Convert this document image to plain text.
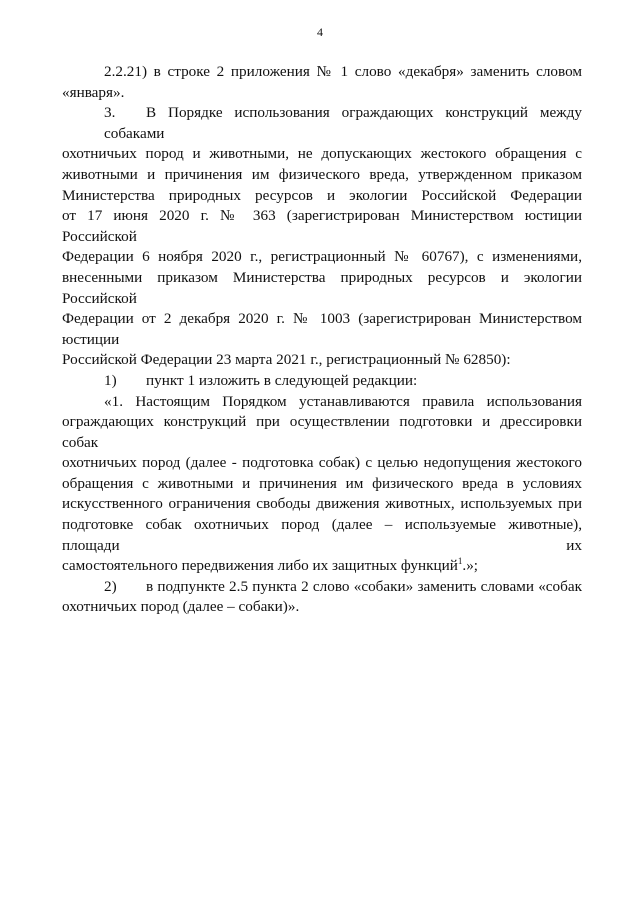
4
2.2.21) в строке 2 приложения № 1 слово «декабря» заменить словом
«января».
3. В Порядке использования ограждающих конструкций между собаками
охотничьих пород и животными, не допускающих жестокого обращения с
животными и причинения им физического вреда, утвержденном приказом
Министерства природных ресурсов и экологии Российской Федерации
от 17 июня 2020 г. № 363 (зарегистрирован Министерством юстиции Российской
Федерации 6 ноября 2020 г., регистрационный № 60767), с изменениями,
внесенными приказом Министерства природных ресурсов и экологии Российской
Федерации от 2 декабря 2020 г. № 1003 (зарегистрирован Министерством юстиции
Российской Федерации 23 марта 2021 г., регистрационный № 62850):
1) пункт 1 изложить в следующей редакции:
«1. Настоящим Порядком устанавливаются правила использования
ограждающих конструкций при осуществлении подготовки и дрессировки собак
охотничьих пород (далее - подготовка собак) с целью недопущения жестокого
обращения с животными и причинения им физического вреда в условиях
искусственного ограничения свободы движения животных, используемых при
подготовке собак охотничьих пород (далее – используемые животные), площади их
самостоятельного передвижения либо их защитных функций$^1$.»;
2) в подпункте 2.5 пункта 2 слово «собаки» заменить словами «собак
охотничьих пород (далее – собаки)».
